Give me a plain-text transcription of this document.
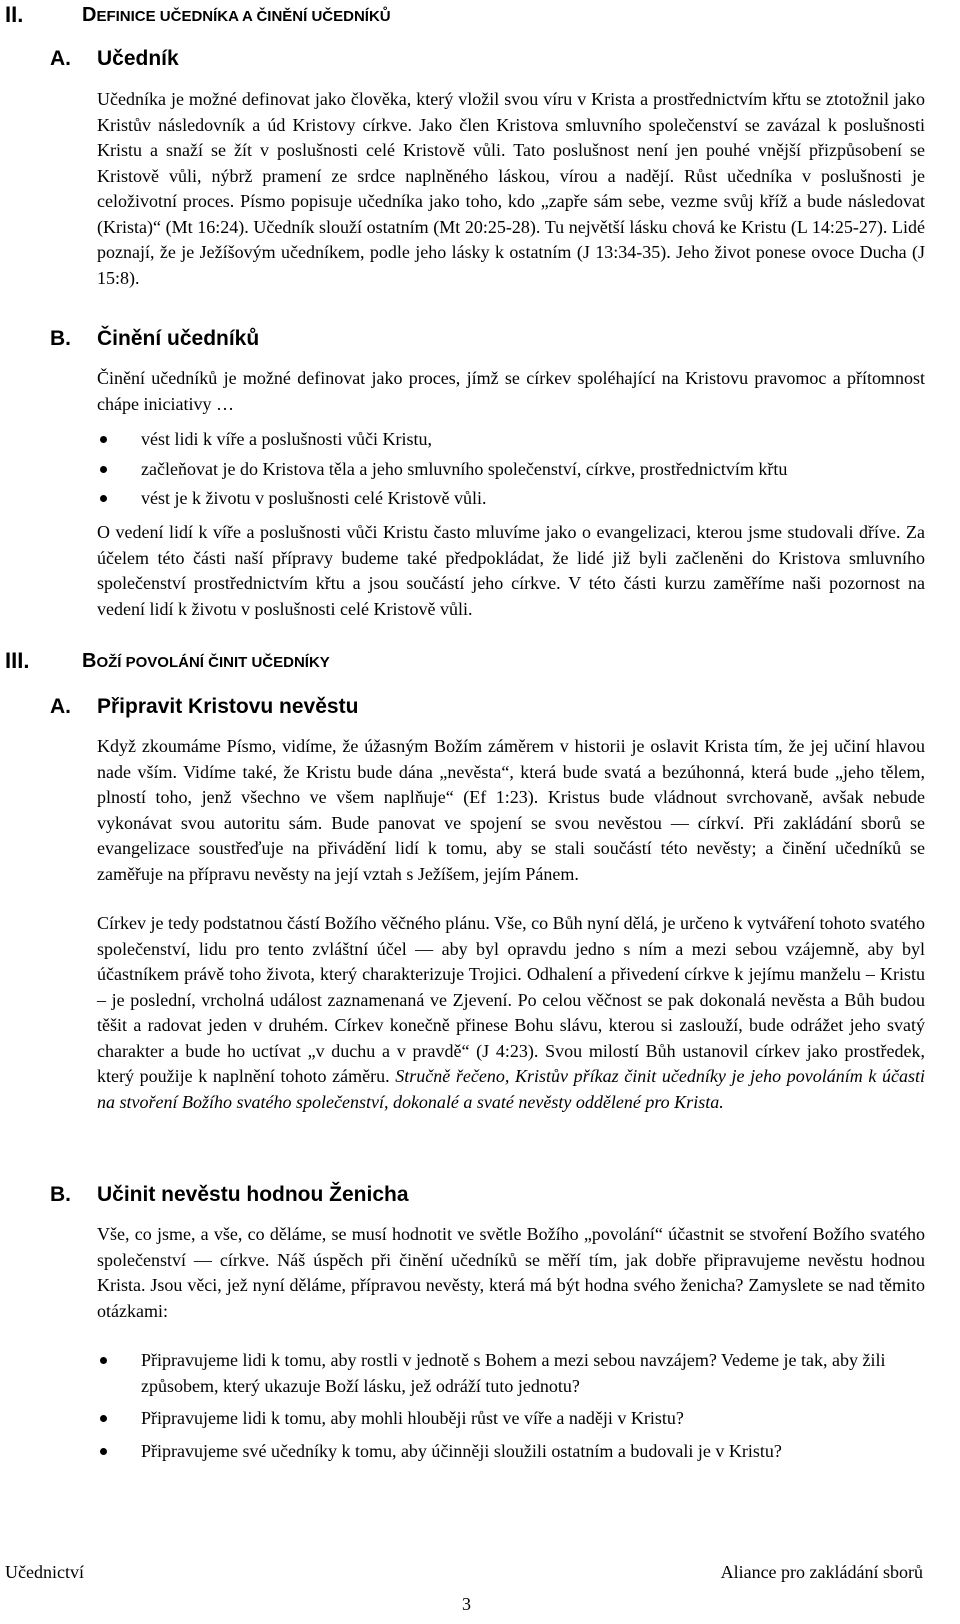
II.	DEFINICE UČEDNÍKA A ČINĚNÍ UČEDNÍKŮ
A. Učedník

Učedníka je možné definovat jako člověka, který vložil svou víru v Krista a prostřednictvím křtu se ztotožnil jako Kristův následovník a úd Kristovy církve. Jako člen Kristova smluvního společenství se zavázal k poslušnosti Kristu a snaží se žít v poslušnosti celé Kristově vůli. Tato poslušnost není jen pouhé vnější přizpůsobení se Kristově vůli, nýbrž pramení ze srdce naplněného láskou, vírou a nadějí. Růst učedníka v poslušnosti je celoživotní proces. Písmo popisuje učedníka jako toho, kdo „zapře sám sebe, vezme svůj kříž a bude následovat (Krista)“ (Mt 16:24). Učedník slouží ostatním (Mt 20:25-28). Tu největší lásku chová ke Kristu (L 14:25-27). Lidé poznají, že je Ježíšovým učedníkem, podle jeho lásky k ostatním (J 13:34-35). Jeho život ponese ovoce Ducha (J 15:8).

B. Činění učedníků

Činění učedníků je možné definovat jako proces, jímž se církev spoléhající na Kristovu pravomoc a přítomnost chápe iniciativy …

vést lidi k víře a poslušnosti vůči Kristu,
začleňovat je do Kristova těla a jeho smluvního společenství, církve, prostřednictvím křtu
vést je k životu v poslušnosti celé Kristově vůli.

O vedení lidí k víře a poslušnosti vůči Kristu často mluvíme jako o evangelizaci, kterou jsme studovali dříve. Za účelem této části naší přípravy budeme také předpokládat, že lidé již byli začleněni do Kristova smluvního společenství prostřednictvím křtu a jsou součástí jeho církve. V této části kurzu zaměříme naši pozornost na vedení lidí k životu v poslušnosti celé Kristově vůli.

III.	BOŽÍ POVOLÁNÍ ČINIT UČEDNÍKY
A. Připravit Kristovu nevěstu

Když zkoumáme Písmo, vidíme, že úžasným Božím záměrem v historii je oslavit Krista tím, že jej učiní hlavou nade vším. Vidíme také, že Kristu bude dána „nevěsta“, která bude svatá a bezúhonná, která bude „jeho tělem, plností toho, jenž všechno ve všem naplňuje“ (Ef 1:23). Kristus bude vládnout svrchovaně, avšak nebude vykonávat svou autoritu sám. Bude panovat ve spojení se svou nevěstou — církví. Při zakládání sborů se evangelizace soustřeďuje na přivádění lidí k tomu, aby se stali součástí této nevěsty; a činění učedníků se zaměřuje na přípravu nevěsty na její vztah s Ježíšem, jejím Pánem.

Církev je tedy podstatnou částí Božího věčného plánu. Vše, co Bůh nyní dělá, je určeno k vytváření tohoto svatého společenství, lidu pro tento zvláštní účel — aby byl opravdu jedno s ním a mezi sebou vzájemně, aby byl účastníkem právě toho života, který charakterizuje Trojici. Odhalení a přivedení církve k jejímu manželu – Kristu – je poslední, vrcholná událost zaznamenaná ve Zjevení. Po celou věčnost se pak dokonalá nevěsta a Bůh budou těšit a radovat jeden v druhém. Církev konečně přinese Bohu slávu, kterou si zaslouží, bude odrážet jeho svatý charakter a bude ho uctívat „v duchu a v pravdě“ (J 4:23). Svou milostí Bůh ustanovil církev jako prostředek, který použije k naplnění tohoto záměru. Stručně řečeno, Kristův příkaz činit učedníky je jeho povoláním k účasti na stvoření Božího svatého společenství, dokonalé a svaté nevěsty oddělené pro Krista.

B. Učinit nevěstu hodnou Ženicha

Vše, co jsme, a vše, co děláme, se musí hodnotit ve světle Božího „povolání“ účastnit se stvoření Božího svatého společenství — církve. Náš úspěch při činění učedníků se měří tím, jak dobře připravujeme nevěstu hodnou Krista. Jsou věci, jež nyní děláme, přípravou nevěsty, která má být hodna svého ženicha? Zamyslete se nad těmito otázkami:

Připravujeme lidi k tomu, aby rostli v jednotě s Bohem a mezi sebou navzájem? Vedeme je tak, aby žili způsobem, který ukazuje Boží lásku, jež odráží tuto jednotu?
Připravujeme lidi k tomu, aby mohli hlouběji růst ve víře a naději v Kristu?
Připravujeme své učedníky k tomu, aby účinněji sloužili ostatním a budovali je v Kristu?
Učednictví	Aliance pro zakládání sborů
3
